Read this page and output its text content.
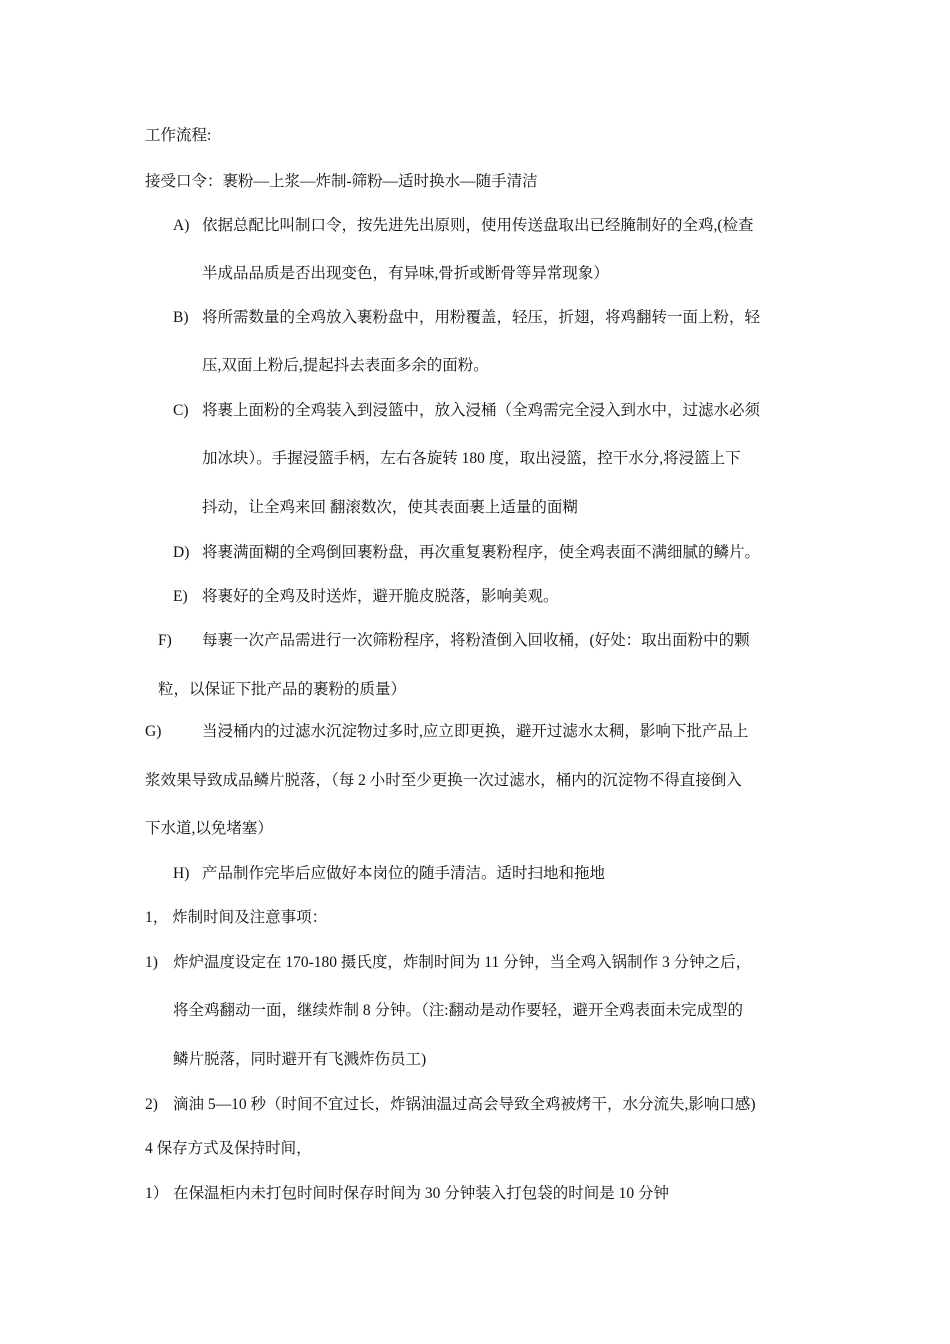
工作流程:
接受口令：裹粉—上浆—炸制-筛粉—适时换水—随手清洁
A) 依据总配比叫制口令，按先进先出原则，使用传送盘取出已经腌制好的全鸡,(检查
半成品品质是否出现变色，有异味,骨折或断骨等异常现象）
B) 将所需数量的全鸡放入裹粉盘中，用粉覆盖，轻压，折翅，将鸡翻转一面上粉，轻
压,双面上粉后,提起抖去表面多余的面粉。
C) 将裹上面粉的全鸡装入到浸篮中，放入浸桶（全鸡需完全浸入到水中，过滤水必须
加冰块）。手握浸篮手柄，左右各旋转 180 度，取出浸篮，控干水分,将浸篮上下
抖动，让全鸡来回 翻滚数次，使其表面裹上适量的面糊
D) 将裹满面糊的全鸡倒回裹粉盘，再次重复裹粉程序，使全鸡表面不满细腻的鳞片。
E) 将裹好的全鸡及时送炸，避开脆皮脱落，影响美观。
F) 每裹一次产品需进行一次筛粉程序，将粉渣倒入回收桶，(好处：取出面粉中的颗
粒，以保证下批产品的裹粉的质量）
G)	当浸桶内的过滤水沉淀物过多时,应立即更换，避开过滤水太稠，影响下批产品上
浆效果导致成品鳞片脱落，（每 2 小时至少更换一次过滤水，桶内的沉淀物不得直接倒入
下水道,以免堵塞）
H) 产品制作完毕后应做好本岗位的随手清洁。适时扫地和拖地
1， 炸制时间及注意事项：
1) 炸炉温度设定在 170-180 摄氏度，炸制时间为 11 分钟，当全鸡入锅制作 3 分钟之后，
将全鸡翻动一面，继续炸制 8 分钟。（注:翻动是动作要轻，避开全鸡表面未完成型的
鳞片脱落，同时避开有飞溅炸伤员工)
2) 滴油 5—10 秒（时间不宜过长，炸锅油温过高会导致全鸡被烤干，水分流失,影响口感)
4 保存方式及保持时间，
1） 在保温柜内未打包时间时保存时间为 30 分钟装入打包袋的时间是 10 分钟
